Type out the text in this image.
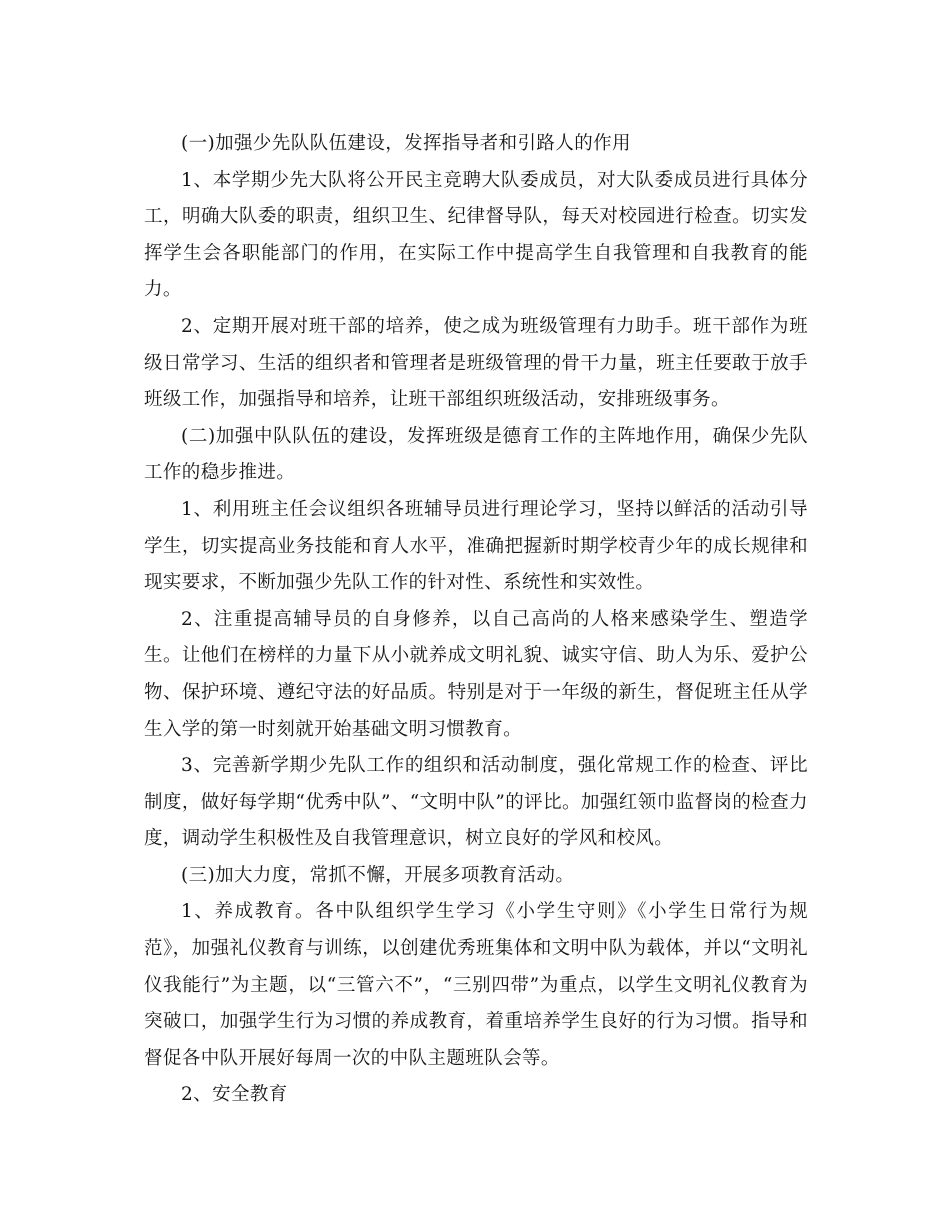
(一)加强少先队队伍建设，发挥指导者和引路人的作用

1、本学期少先大队将公开民主竞聘大队委成员，对大队委成员进行具体分工，明确大队委的职责，组织卫生、纪律督导队，每天对校园进行检查。切实发挥学生会各职能部门的作用，在实际工作中提高学生自我管理和自我教育的能力。

2、定期开展对班干部的培养，使之成为班级管理有力助手。班干部作为班级日常学习、生活的组织者和管理者是班级管理的骨干力量，班主任要敢于放手班级工作，加强指导和培养，让班干部组织班级活动，安排班级事务。

(二)加强中队队伍的建设，发挥班级是德育工作的主阵地作用，确保少先队工作的稳步推进。

1、利用班主任会议组织各班辅导员进行理论学习，坚持以鲜活的活动引导学生，切实提高业务技能和育人水平，准确把握新时期学校青少年的成长规律和现实要求，不断加强少先队工作的针对性、系统性和实效性。

2、注重提高辅导员的自身修养，以自己高尚的人格来感染学生、塑造学生。让他们在榜样的力量下从小就养成文明礼貌、诚实守信、助人为乐、爱护公物、保护环境、遵纪守法的好品质。特别是对于一年级的新生，督促班主任从学生入学的第一时刻就开始基础文明习惯教育。

3、完善新学期少先队工作的组织和活动制度，强化常规工作的检查、评比制度，做好每学期“优秀中队”、“文明中队”的评比。加强红领巾监督岗的检查力度，调动学生积极性及自我管理意识，树立良好的学风和校风。

(三)加大力度，常抓不懈，开展多项教育活动。

1、养成教育。各中队组织学生学习《小学生守则》《小学生日常行为规范》，加强礼仪教育与训练，以创建优秀班集体和文明中队为载体，并以“文明礼仪我能行”为主题，以“三管六不”，“三别四带”为重点，以学生文明礼仪教育为突破口，加强学生行为习惯的养成教育，着重培养学生良好的行为习惯。指导和督促各中队开展好每周一次的中队主题班队会等。

2、安全教育
